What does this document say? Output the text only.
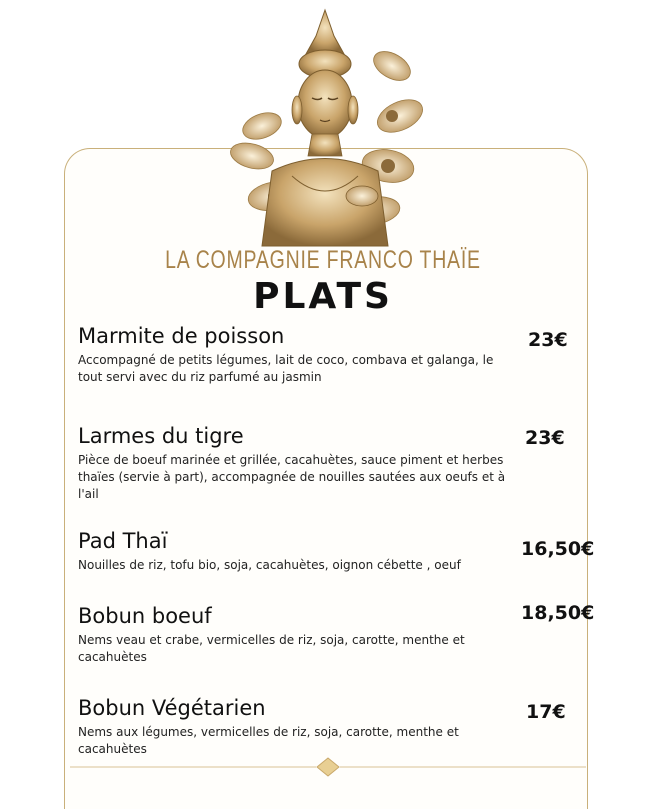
LA COMPAGNIE FRANCO THAÏE
PLATS
Marmite de poisson
Accompagné de petits légumes, lait de coco, combava et galanga, le tout servi avec du riz parfumé au jasmin
23€
Larmes du tigre
Pièce de boeuf marinée et grillée, cacahuètes, sauce piment et herbes thaïes (servie à part), accompagnée de nouilles sautées aux oeufs et à l'ail
23€
Pad Thaï
Nouilles de riz, tofu bio, soja, cacahuètes, oignon cébette , oeuf
16,50€
Bobun boeuf
Nems veau et crabe, vermicelles de riz, soja, carotte, menthe et cacahuètes
18,50€
Bobun Végétarien
Nems aux légumes, vermicelles de riz, soja, carotte, menthe et cacahuètes
17€
